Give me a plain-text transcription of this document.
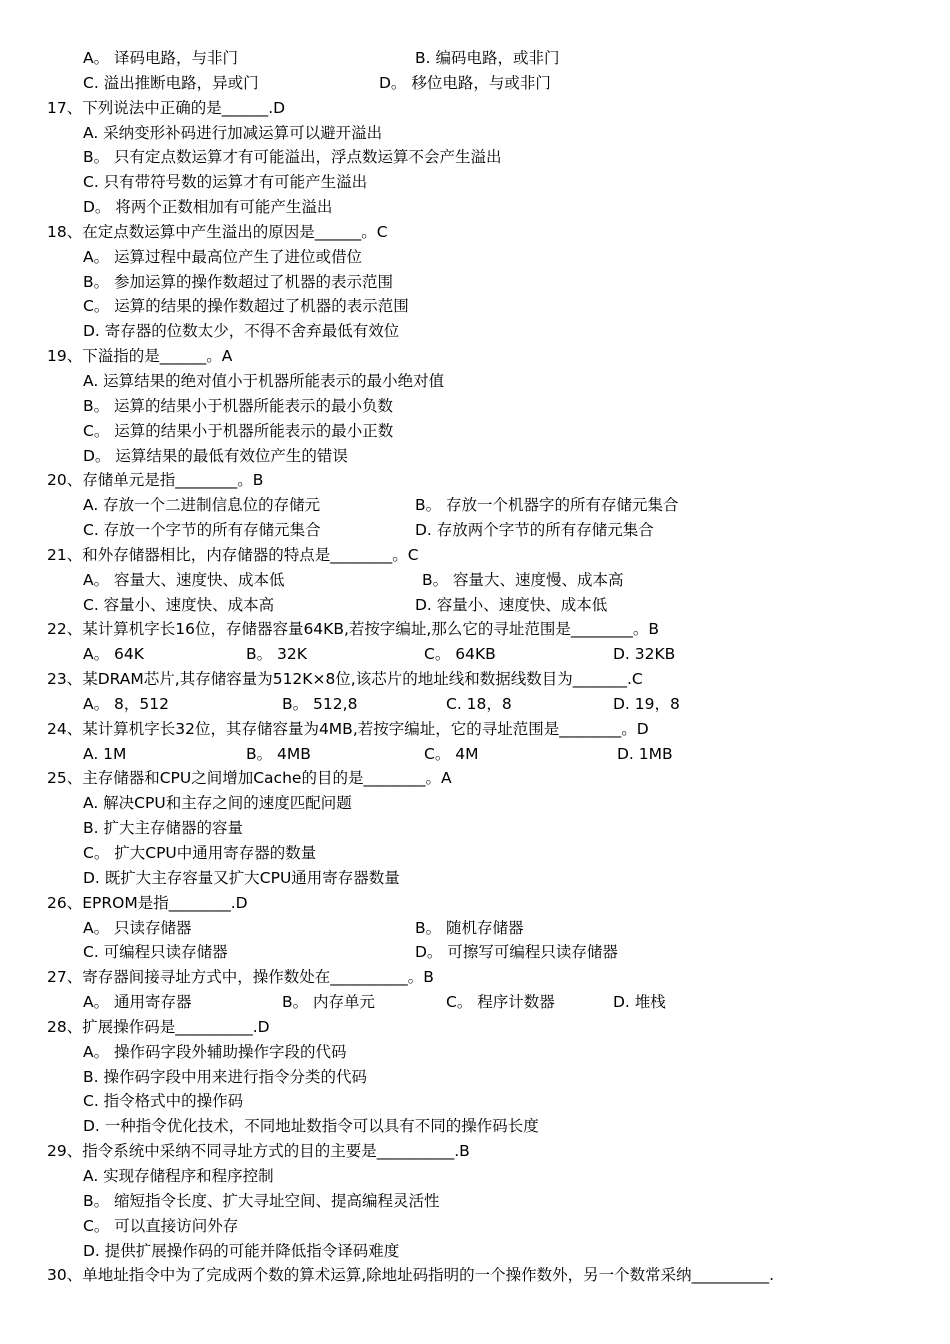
A。 译码电路，与非门	B. 编码电路，或非门
C. 溢出推断电路，异或门	D。 移位电路，与或非门
17、下列说法中正确的是______.D
A. 采纳变形补码进行加减运算可以避开溢出
B。 只有定点数运算才有可能溢出，浮点数运算不会产生溢出
C. 只有带符号数的运算才有可能产生溢出
D。 将两个正数相加有可能产生溢出
18、在定点数运算中产生溢出的原因是______。C
A。 运算过程中最高位产生了进位或借位
B。 参加运算的操作数超过了机器的表示范围
C。 运算的结果的操作数超过了机器的表示范围
D. 寄存器的位数太少，不得不舍弃最低有效位
19、下溢指的是______。A
A. 运算结果的绝对值小于机器所能表示的最小绝对值
B。 运算的结果小于机器所能表示的最小负数
C。 运算的结果小于机器所能表示的最小正数
D。 运算结果的最低有效位产生的错误
20、存储单元是指________。B
A. 存放一个二进制信息位的存储元	B。 存放一个机器字的所有存储元集合
C. 存放一个字节的所有存储元集合	D. 存放两个字节的所有存储元集合
21、和外存储器相比，内存储器的特点是________。C
A。 容量大、速度快、成本低	B。 容量大、速度慢、成本高
C. 容量小、速度快、成本高	D. 容量小、速度快、成本低
22、某计算机字长16位，存储器容量64KB,若按字编址,那么它的寻址范围是________。B
A。 64K	B。 32K	C。 64KB	D. 32KB
23、某DRAM芯片,其存储容量为512K×8位,该芯片的地址线和数据线数目为_______.C
A。 8，512	B。 512,8	C. 18，8	D. 19，8
24、某计算机字长32位，其存储容量为4MB,若按字编址，它的寻址范围是________。D
A. 1M	B。 4MB	C。 4M	D. 1MB
25、主存储器和CPU之间增加Cache的目的是________。A
A. 解决CPU和主存之间的速度匹配问题
B. 扩大主存储器的容量
C。 扩大CPU中通用寄存器的数量
D. 既扩大主存容量又扩大CPU通用寄存器数量
26、EPROM是指________.D
A。 只读存储器	B。 随机存储器
C. 可编程只读存储器	D。 可擦写可编程只读存储器
27、寄存器间接寻址方式中，操作数处在__________。B
A。 通用寄存器	B。 内存单元	C。 程序计数器	D. 堆栈
28、扩展操作码是__________.D
A。 操作码字段外辅助操作字段的代码
B. 操作码字段中用来进行指令分类的代码
C. 指令格式中的操作码
D. 一种指令优化技术，不同地址数指令可以具有不同的操作码长度
29、指令系统中采纳不同寻址方式的目的主要是__________.B
A. 实现存储程序和程序控制
B。 缩短指令长度、扩大寻址空间、提高编程灵活性
C。 可以直接访问外存
D. 提供扩展操作码的可能并降低指令译码难度
30、单地址指令中为了完成两个数的算术运算,除地址码指明的一个操作数外，另一个数常采纳__________.
